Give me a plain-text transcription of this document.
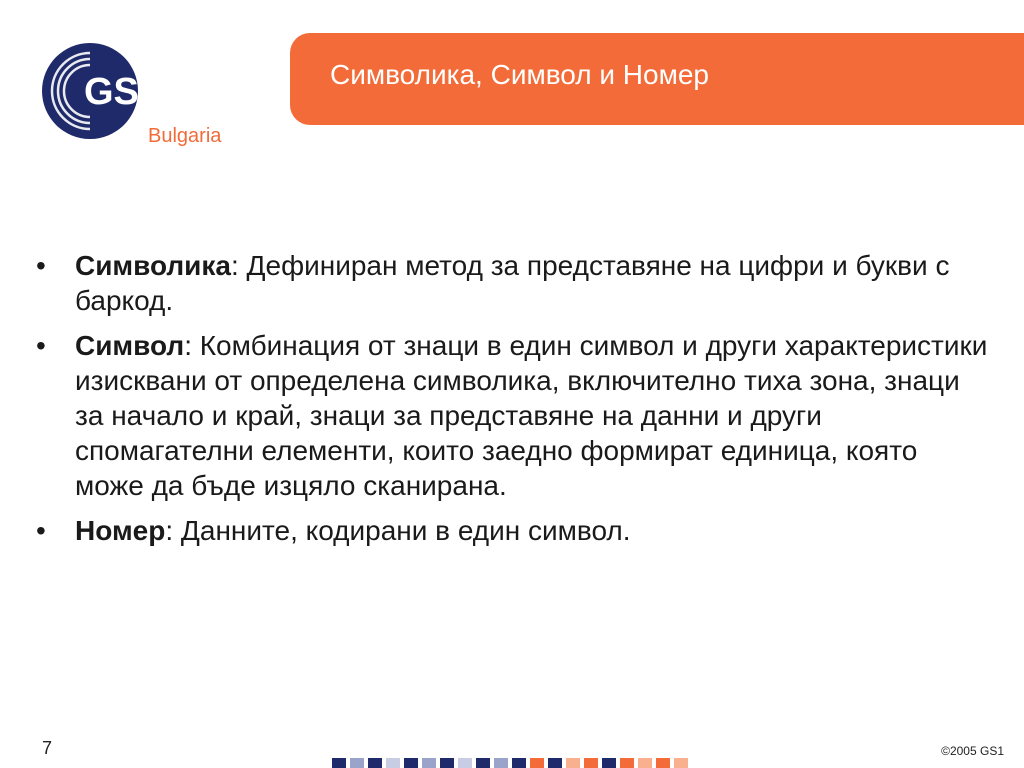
GS1
Bulgaria
Символика, Символ и Номер
• Символика: Дефиниран метод за представяне на цифри и букви с баркод.
• Символ: Комбинация от знаци в един символ и други характеристики изисквани от определена символика, включително тиха зона, знаци за начало и край, знаци за представяне на данни и други спомагателни елементи, които заедно формират единица, която може да бъде изцяло сканирана.
• Номер: Данните, кодирани в един символ.
7	©2005 GS1
